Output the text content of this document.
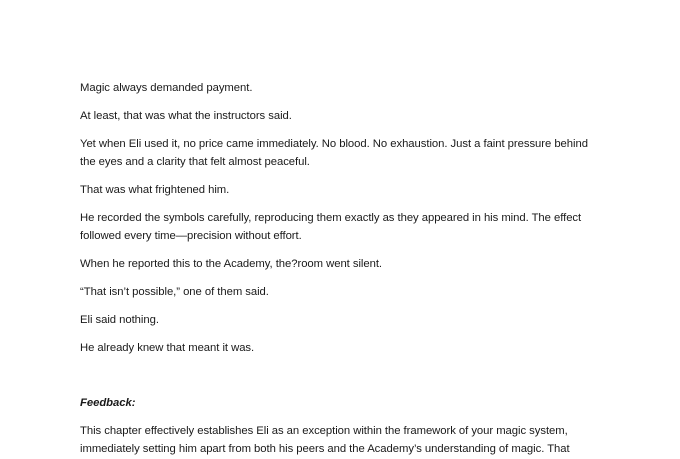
Magic always demanded payment.

At least, that was what the instructors said.

Yet when Eli used it, no price came immediately. No blood. No exhaustion. Just a faint pressure behind

the eyes and a clarity that felt almost peaceful.

That was what frightened him.

He recorded the symbols carefully, reproducing them exactly as they appeared in his mind. The effect

followed every time—precision without effort.

When he reported this to the Academy, the?room went silent.

“That isn’t possible,” one of them said.

Eli said nothing.

He already knew that meant it was.

Feedback:

This chapter effectively establishes Eli as an exception within the framework of your magic system,

immediately setting him apart from both his peers and the Academy’s understanding of magic. That
